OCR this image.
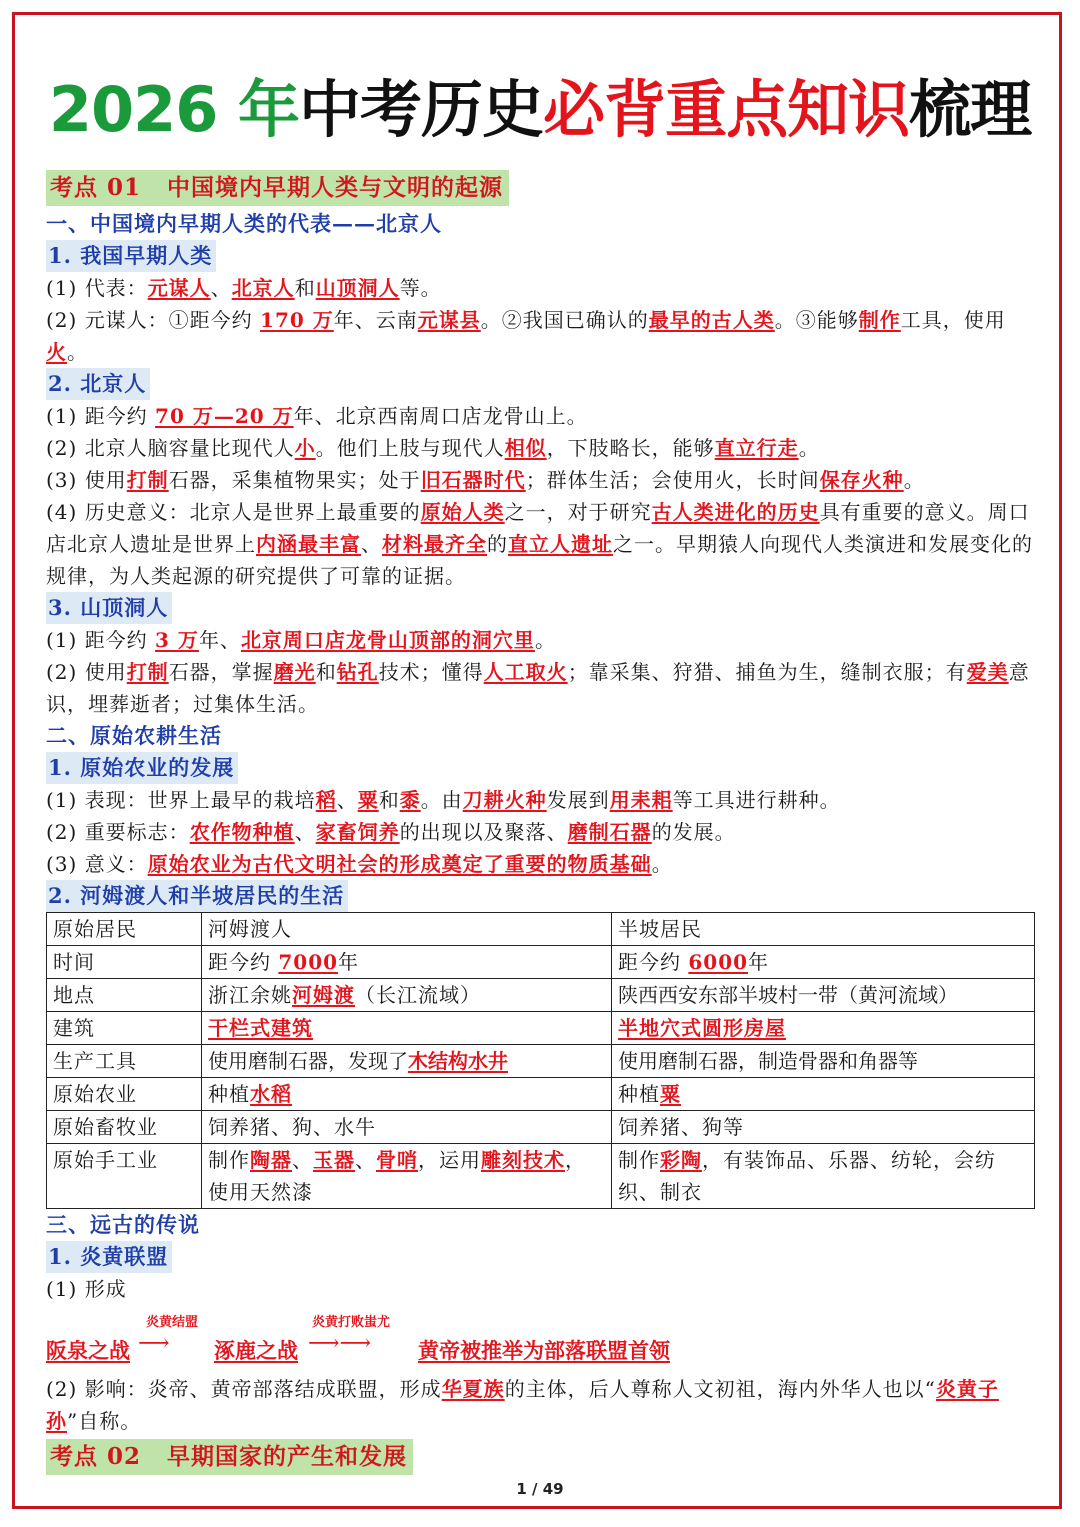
2026 年中考历史必背重点知识梳理
考点 01 中国境内早期人类与文明的起源
一、中国境内早期人类的代表——北京人
1. 我国早期人类
(1) 代表：元谋人、北京人和山顶洞人等。
(2) 元谋人：①距今约 170 万年、云南元谋县。②我国已确认的最早的古人类。③能够制作工具，使用火。
2. 北京人
(1) 距今约 70 万—20 万年、北京西南周口店龙骨山上。
(2) 北京人脑容量比现代人小。他们上肢与现代人相似，下肢略长，能够直立行走。
(3) 使用打制石器，采集植物果实；处于旧石器时代；群体生活；会使用火，长时间保存火种。
(4) 历史意义：北京人是世界上最重要的原始人类之一，对于研究古人类进化的历史具有重要的意义。周口店北京人遗址是世界上内涵最丰富、材料最齐全的直立人遗址之一。早期猿人向现代人类演进和发展变化的规律，为人类起源的研究提供了可靠的证据。
3. 山顶洞人
(1) 距今约 3 万年、北京周口店龙骨山顶部的洞穴里。
(2) 使用打制石器，掌握磨光和钻孔技术；懂得人工取火；靠采集、狩猎、捕鱼为生，缝制衣服；有爱美意识，埋葬逝者；过集体生活。
二、原始农耕生活
1. 原始农业的发展
(1) 表现：世界上最早的栽培稻、粟和黍。由刀耕火种发展到用耒耜等工具进行耕种。
(2) 重要标志：农作物种植、家畜饲养的出现以及聚落、磨制石器的发展。
(3) 意义：原始农业为古代文明社会的形成奠定了重要的物质基础。
2. 河姆渡人和半坡居民的生活
原始居民	河姆渡人	半坡居民
时间	距今约 7000年	距今约 6000年
地点	浙江余姚河姆渡（长江流域）	陕西西安东部半坡村一带（黄河流域）
建筑	干栏式建筑	半地穴式圆形房屋
生产工具	使用磨制石器，发现了木结构水井	使用磨制石器，制造骨器和角器等
原始农业	种植水稻	种植粟
原始畜牧业	饲养猪、狗、水牛	饲养猪、狗等
原始手工业	制作陶器、玉器、骨哨，运用雕刻技术，使用天然漆	制作彩陶，有装饰品、乐器、纺轮，会纺织、制衣
三、远古的传说
1. 炎黄联盟
(1) 形成
阪泉之战
炎黄结盟
⟶ 涿鹿之战
炎黄打败蚩尤
⟶⟶ 黄帝被推举为部落联盟首领
(2) 影响：炎帝、黄帝部落结成联盟，形成华夏族的主体，后人尊称人文初祖，海内外华人也以“炎黄子孙”自称。
考点 02 早期国家的产生和发展
1 / 49
